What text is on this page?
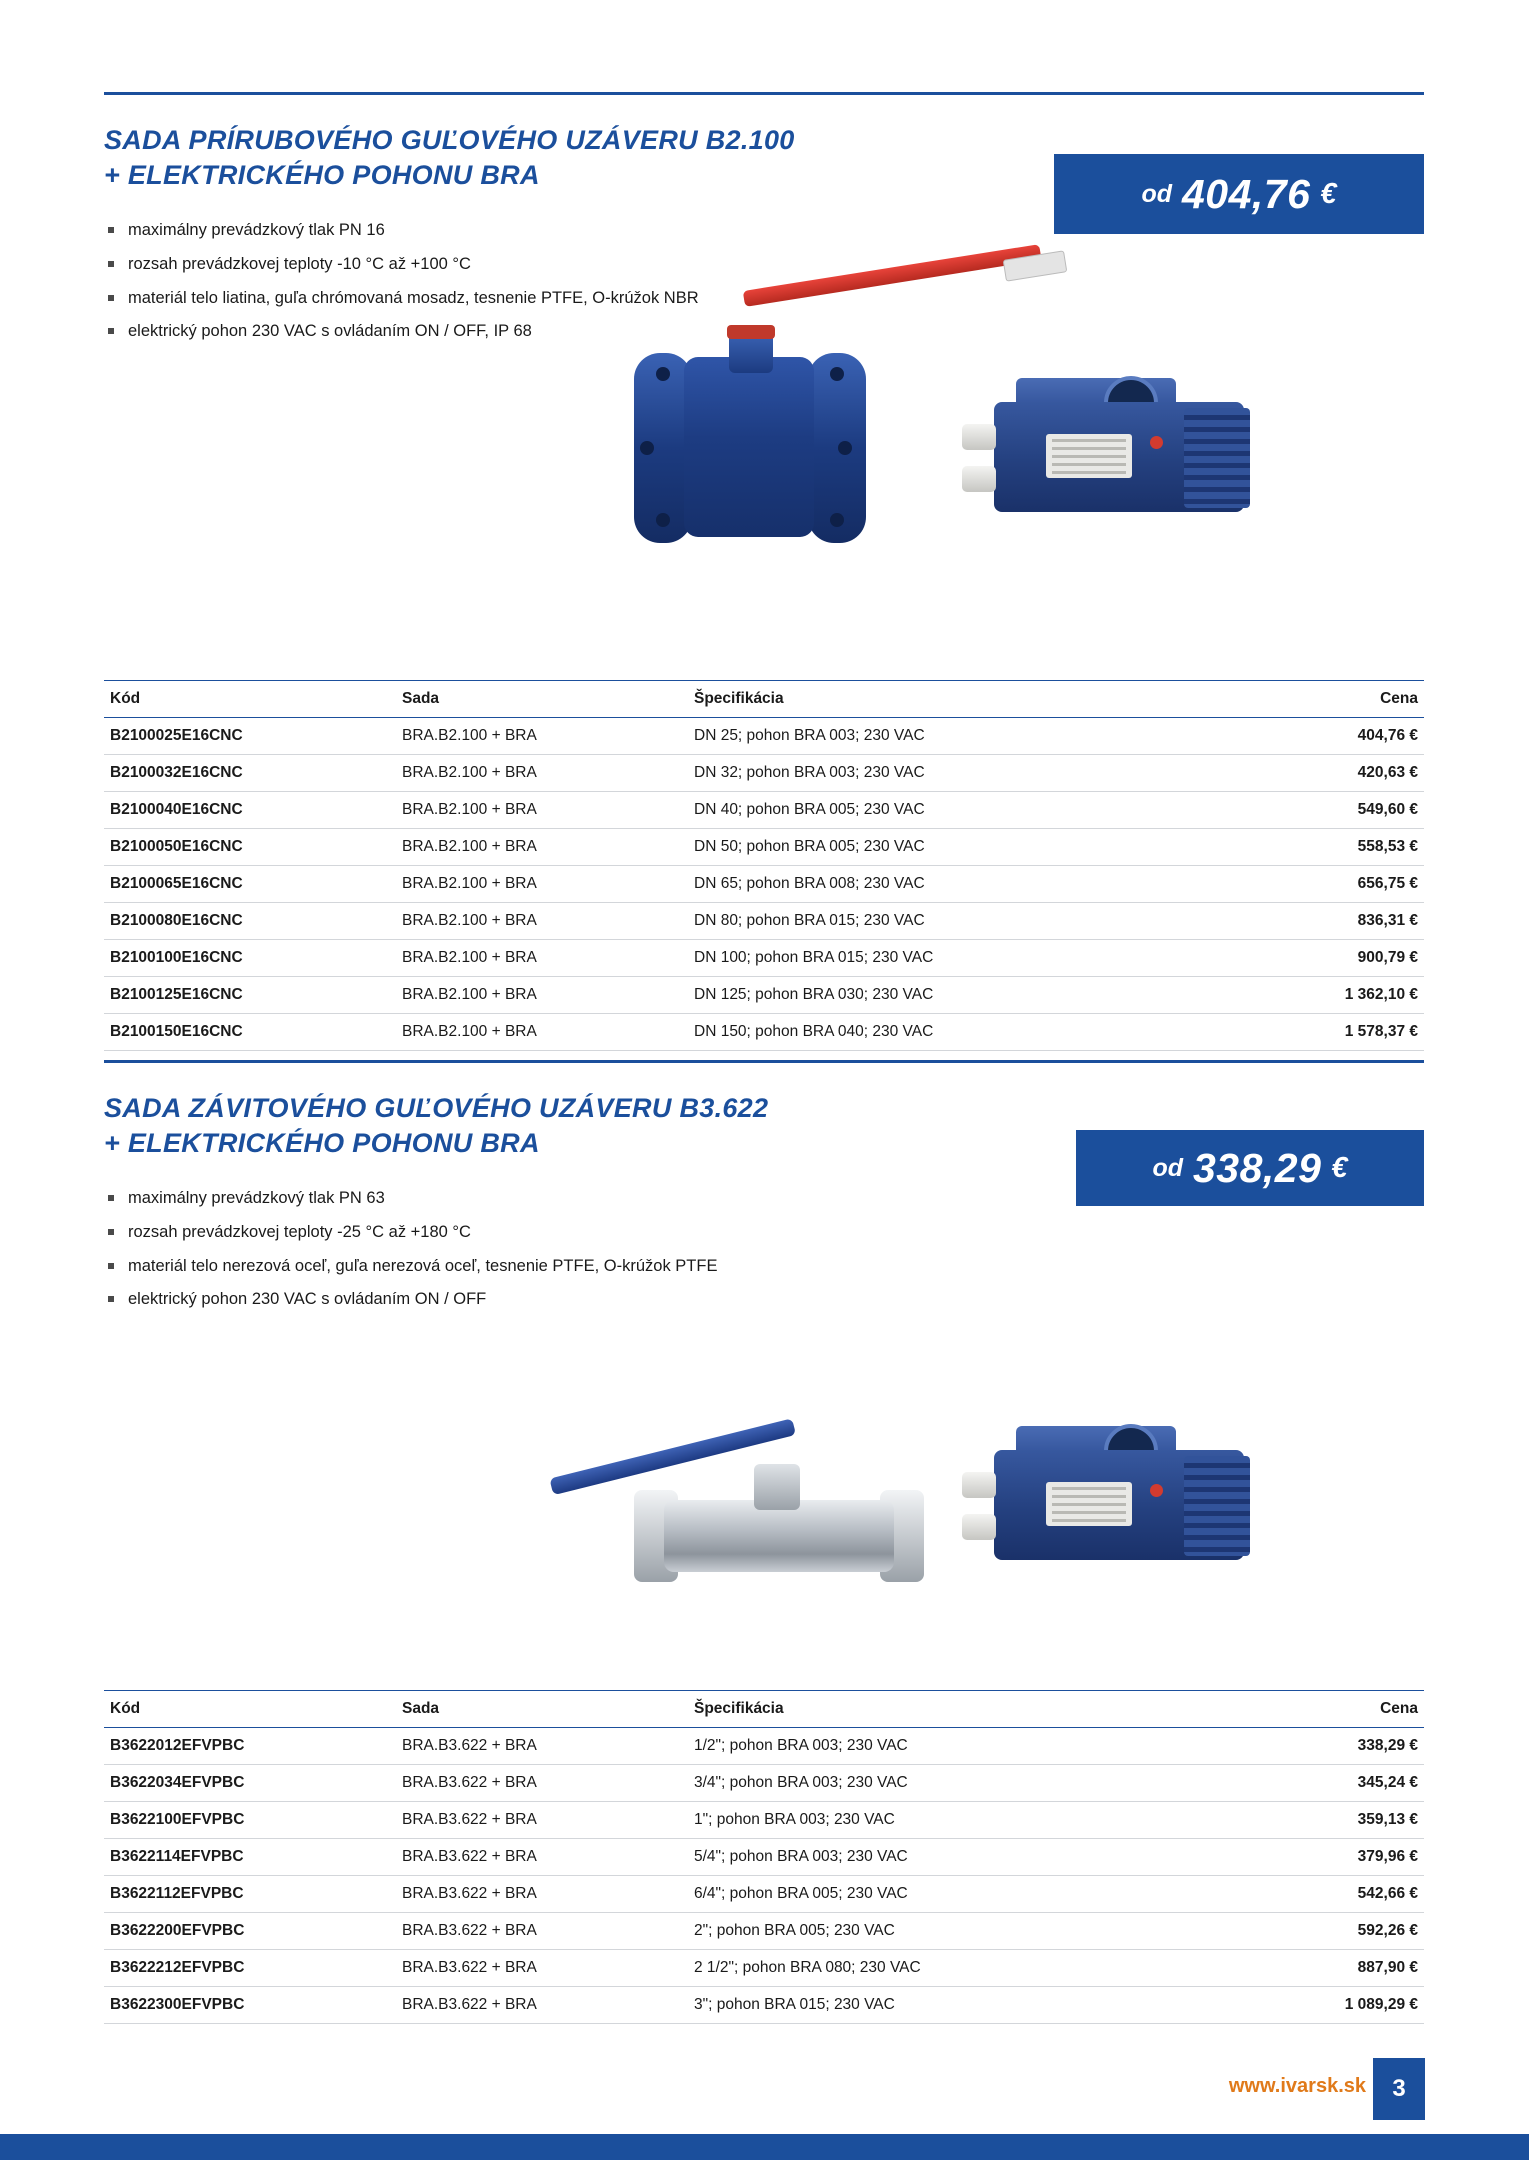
SADA PRÍRUBOVÉHO GUĽOVÉHO UZÁVERU B2.100
+ ELEKTRICKÉHO POHONU BRA
maximálny prevádzkový tlak PN 16
rozsah prevádzkovej teploty -10 °C až +100 °C
materiál telo liatina, guľa chrómovaná mosadz, tesnenie PTFE, O-krúžok NBR
elektrický pohon 230 VAC s ovládaním ON / OFF, IP 68
od 404,76 €
Kód	Sada	Špecifikácia	Cena
B2100025E16CNC	BRA.B2.100 + BRA	DN 25; pohon BRA 003; 230 VAC	404,76 €
B2100032E16CNC	BRA.B2.100 + BRA	DN 32; pohon BRA 003; 230 VAC	420,63 €
B2100040E16CNC	BRA.B2.100 + BRA	DN 40; pohon BRA 005; 230 VAC	549,60 €
B2100050E16CNC	BRA.B2.100 + BRA	DN 50; pohon BRA 005; 230 VAC	558,53 €
B2100065E16CNC	BRA.B2.100 + BRA	DN 65; pohon BRA 008; 230 VAC	656,75 €
B2100080E16CNC	BRA.B2.100 + BRA	DN 80; pohon BRA 015; 230 VAC	836,31 €
B2100100E16CNC	BRA.B2.100 + BRA	DN 100; pohon BRA 015; 230 VAC	900,79 €
B2100125E16CNC	BRA.B2.100 + BRA	DN 125; pohon BRA 030; 230 VAC	1 362,10 €
B2100150E16CNC	BRA.B2.100 + BRA	DN 150; pohon BRA 040; 230 VAC	1 578,37 €
SADA ZÁVITOVÉHO GUĽOVÉHO UZÁVERU B3.622
+ ELEKTRICKÉHO POHONU BRA
maximálny prevádzkový tlak PN 63
rozsah prevádzkovej teploty -25 °C až +180 °C
materiál telo nerezová oceľ, guľa nerezová oceľ, tesnenie PTFE, O-krúžok PTFE
elektrický pohon 230 VAC s ovládaním ON / OFF
od 338,29 €
Kód	Sada	Špecifikácia	Cena
B3622012EFVPBC	BRA.B3.622 + BRA	1/2"; pohon BRA 003; 230 VAC	338,29 €
B3622034EFVPBC	BRA.B3.622 + BRA	3/4"; pohon BRA 003; 230 VAC	345,24 €
B3622100EFVPBC	BRA.B3.622 + BRA	1"; pohon BRA 003; 230 VAC	359,13 €
B3622114EFVPBC	BRA.B3.622 + BRA	5/4"; pohon BRA 003; 230 VAC	379,96 €
B3622112EFVPBC	BRA.B3.622 + BRA	6/4"; pohon BRA 005; 230 VAC	542,66 €
B3622200EFVPBC	BRA.B3.622 + BRA	2"; pohon BRA 005; 230 VAC	592,26 €
B3622212EFVPBC	BRA.B3.622 + BRA	2 1/2"; pohon BRA 080; 230 VAC	887,90 €
B3622300EFVPBC	BRA.B3.622 + BRA	3"; pohon BRA 015; 230 VAC	1 089,29 €
www.ivarsk.sk	3
